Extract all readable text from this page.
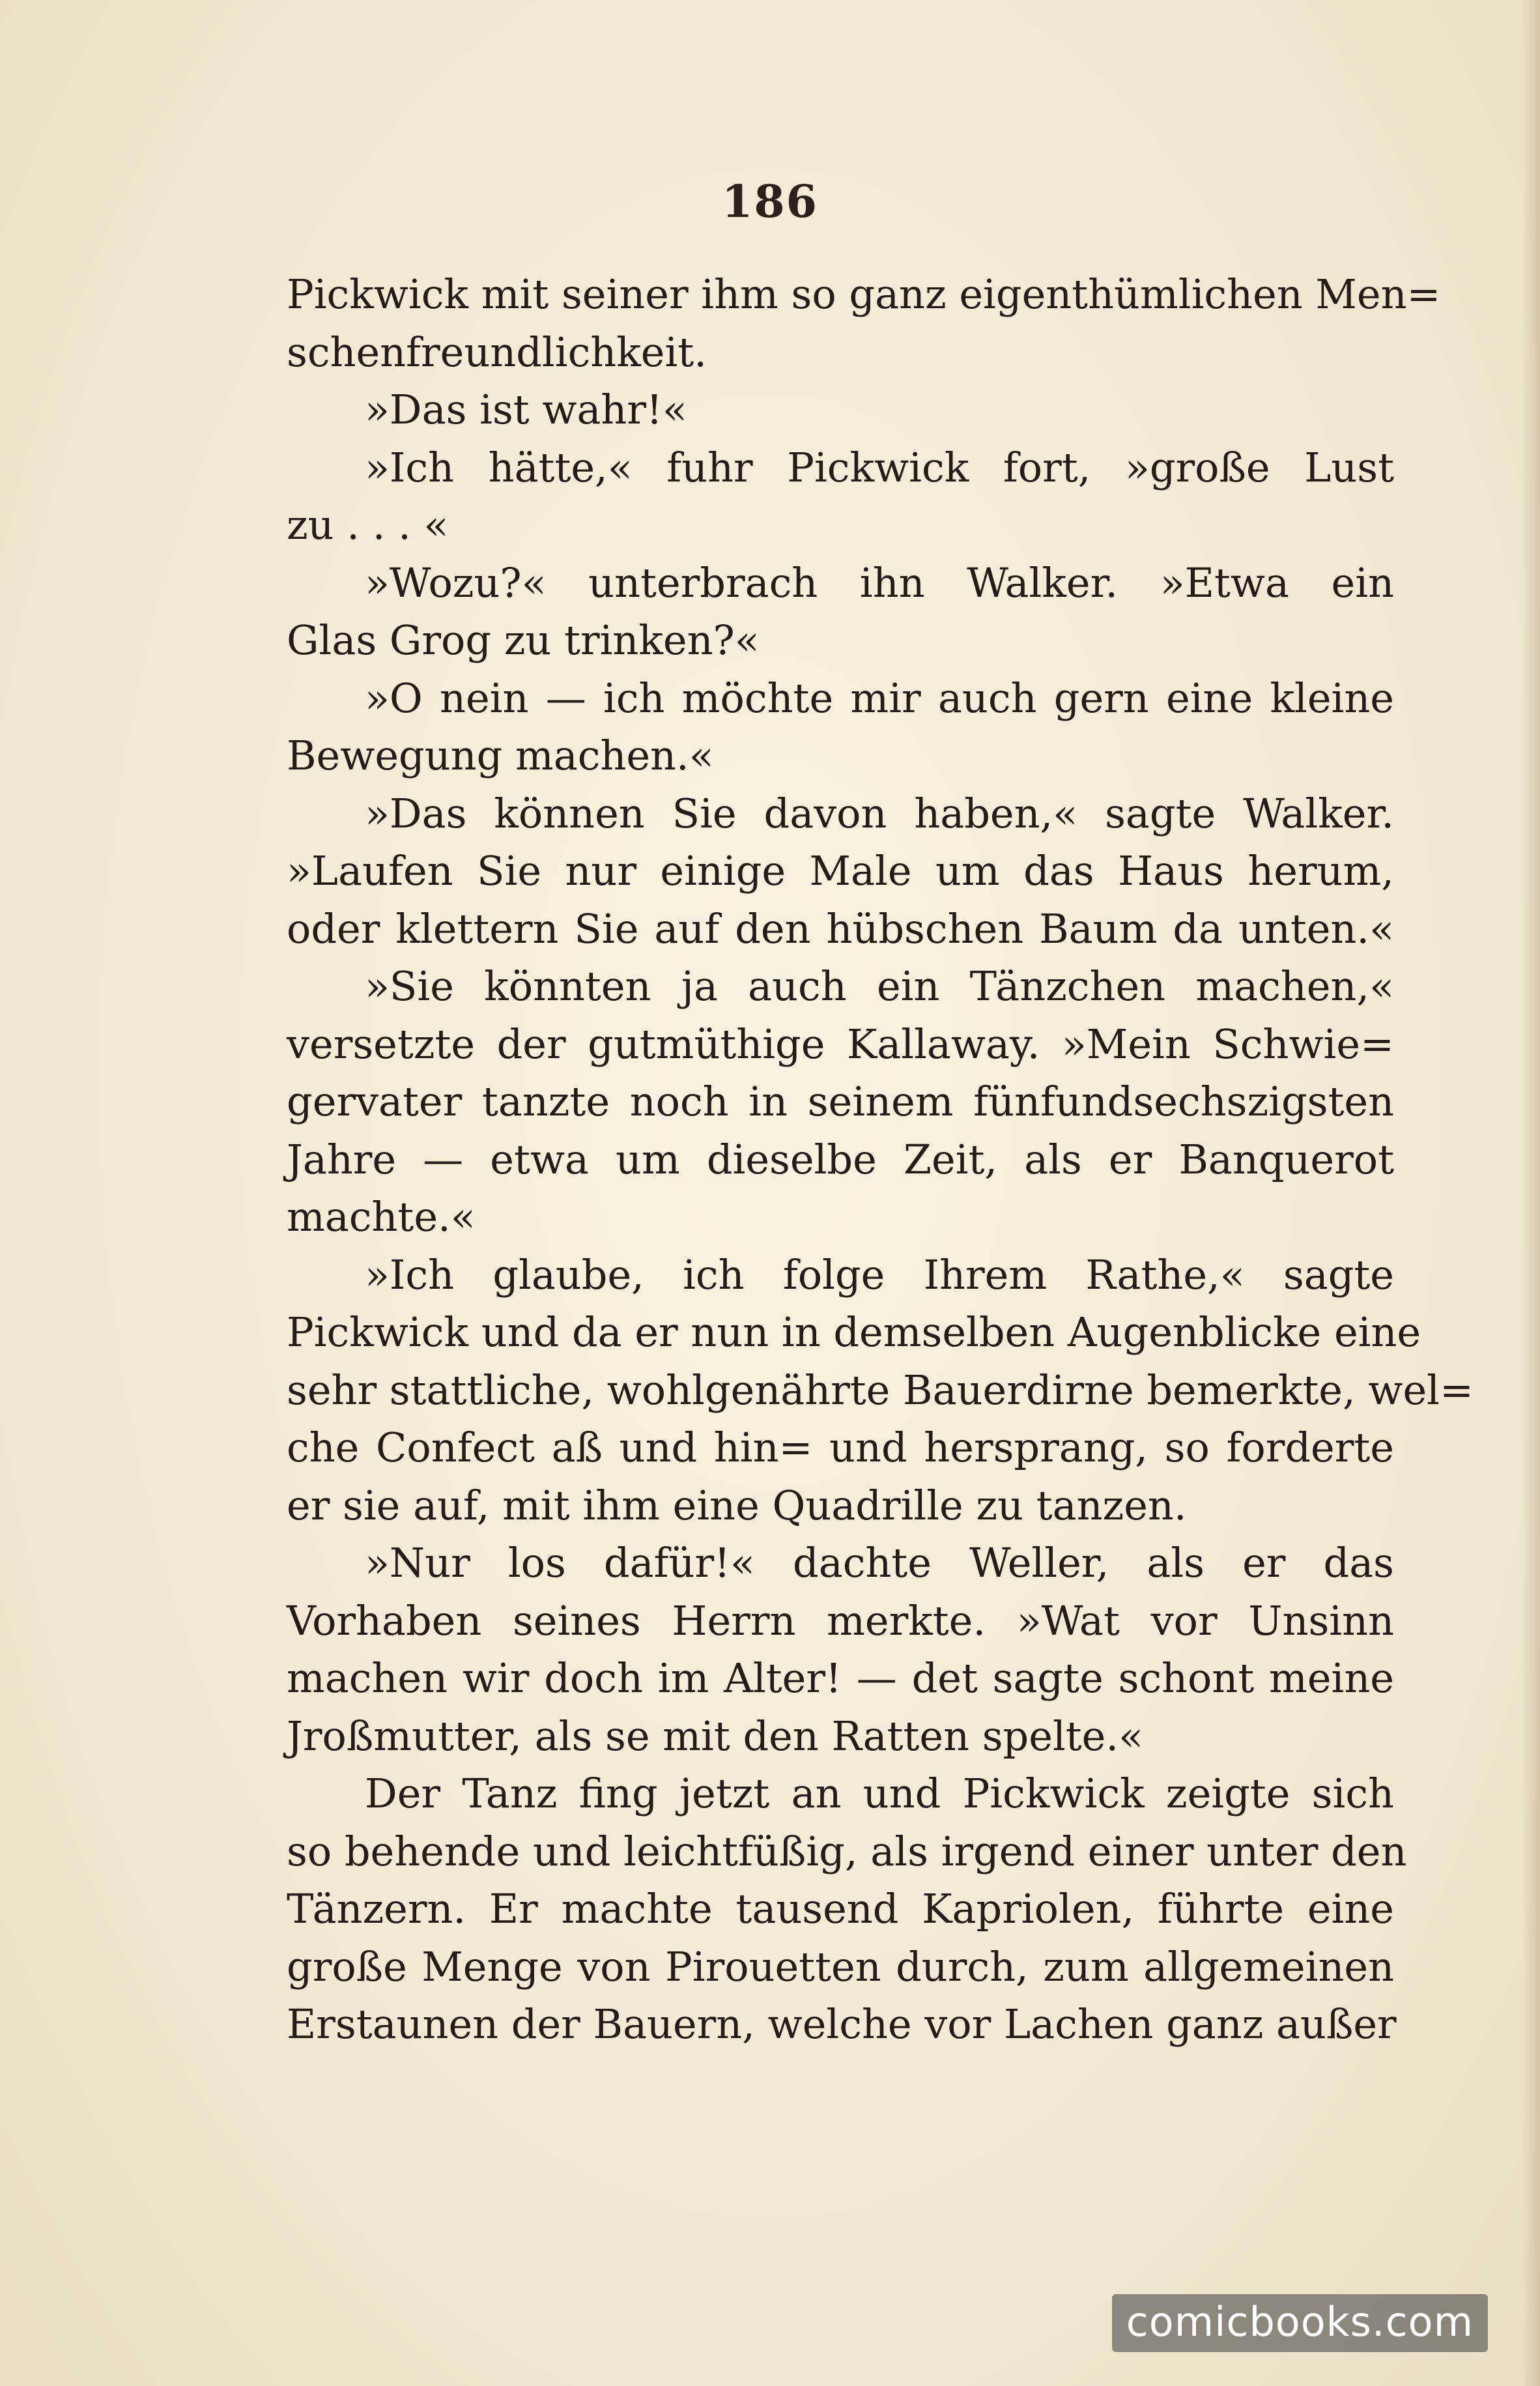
186
Pickwick mit seiner ihm so ganz eigenthümlichen Men=
schenfreundlichkeit.
»Das ist wahr!«
»Ich hätte,« fuhr Pickwick fort, »große Lust
zu . . . «
»Wozu?« unterbrach ihn Walker. »Etwa ein
Glas Grog zu trinken?«
»O nein — ich möchte mir auch gern eine kleine
Bewegung machen.«
»Das können Sie davon haben,« sagte Walker.
»Laufen Sie nur einige Male um das Haus herum,
oder klettern Sie auf den hübschen Baum da unten.«
»Sie könnten ja auch ein Tänzchen machen,«
versetzte der gutmüthige Kallaway. »Mein Schwie=
gervater tanzte noch in seinem fünfundsechszigsten
Jahre — etwa um dieselbe Zeit, als er Banquerot
machte.«
»Ich glaube, ich folge Ihrem Rathe,« sagte
Pickwick und da er nun in demselben Augenblicke eine
sehr stattliche, wohlgenährte Bauerdirne bemerkte, wel=
che Confect aß und hin= und hersprang, so forderte
er sie auf, mit ihm eine Quadrille zu tanzen.
»Nur los dafür!« dachte Weller, als er das
Vorhaben seines Herrn merkte. »Wat vor Unsinn
machen wir doch im Alter! — det sagte schont meine
Jroßmutter, als se mit den Ratten spelte.«
Der Tanz fing jetzt an und Pickwick zeigte sich
so behende und leichtfüßig, als irgend einer unter den
Tänzern. Er machte tausend Kapriolen, führte eine
große Menge von Pirouetten durch, zum allgemeinen
Erstaunen der Bauern, welche vor Lachen ganz außer
comicbooks.com
